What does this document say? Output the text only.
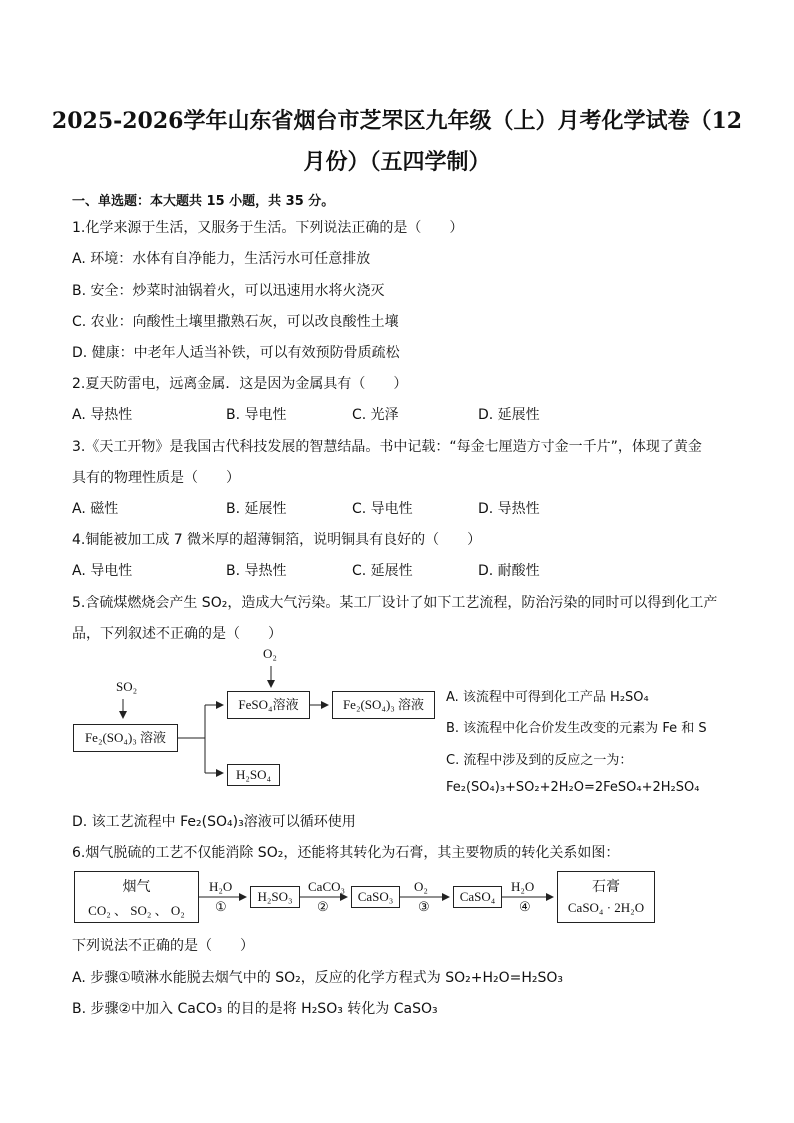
2025-2026学年山东省烟台市芝罘区九年级（上）月考化学试卷（12
月份）（五四学制）
一、单选题：本大题共 15 小题，共 35 分。
1.化学来源于生活，又服务于生活。下列说法正确的是（　　）
A. 环境：水体有自净能力，生活污水可任意排放
B. 安全：炒菜时油锅着火，可以迅速用水将火浇灭
C. 农业：向酸性土壤里撒熟石灰，可以改良酸性土壤
D. 健康：中老年人适当补铁，可以有效预防骨质疏松
2.夏天防雷电，远离金属．这是因为金属具有（　　）
A. 导热性	B. 导电性	C. 光泽	D. 延展性
3.《天工开物》是我国古代科技发展的智慧结晶。书中记载：“每金七厘造方寸金一千片”，体现了黄金
具有的物理性质是（　　）
A. 磁性	B. 延展性	C. 导电性	D. 导热性
4.铜能被加工成 7 微米厚的超薄铜箔，说明铜具有良好的（　　）
A. 导电性	B. 导热性	C. 延展性	D. 耐酸性
5.含硫煤燃烧会产生 SO₂，造成大气污染。某工厂设计了如下工艺流程，防治污染的同时可以得到化工产
品，下列叙述不正确的是（　　）
SO₂
O₂
Fe₂(SO₄)₃ 溶液
FeSO₄溶液	Fe₂(SO₄)₃ 溶液
H₂SO₄
A. 该流程中可得到化工产品 H₂SO₄
B. 该流程中化合价发生改变的元素为 Fe 和 S
C. 流程中涉及到的反应之一为：
Fe₂(SO₄)₃+SO₂+2H₂O=2FeSO₄+2H₂SO₄
D. 该工艺流程中 Fe₂(SO₄)₃溶液可以循环使用
6.烟气脱硫的工艺不仅能消除 SO₂，还能将其转化为石膏，其主要物质的转化关系如图：
烟气
CO₂ 、 SO₂ 、 O₂
H₂O
①
H₂SO₃
CaCO₃
②
CaSO₃
O₂
③
CaSO₄
H₂O
④
石膏
CaSO₄ · 2H₂O
下列说法不正确的是（　　）
A. 步骤①喷淋水能脱去烟气中的 SO₂，反应的化学方程式为 SO₂+H₂O=H₂SO₃
B. 步骤②中加入 CaCO₃ 的目的是将 H₂SO₃ 转化为 CaSO₃
